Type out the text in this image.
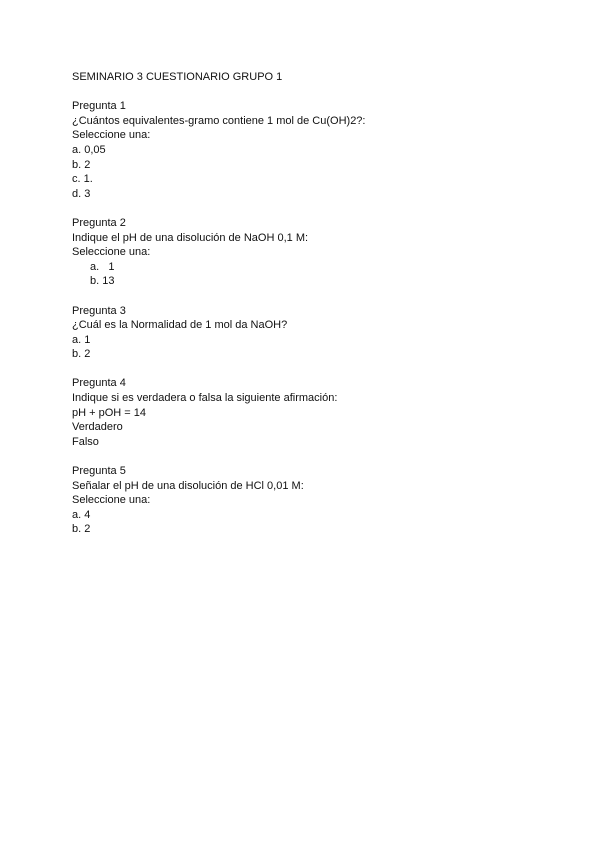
SEMINARIO 3 CUESTIONARIO GRUPO 1
Pregunta 1
¿Cuántos equivalentes-gramo contiene 1 mol de Cu(OH)2?:
Seleccione una:
a. 0,05
b. 2
c. 1.
d. 3
Pregunta 2
Indique el pH de una disolución de NaOH 0,1 M:
Seleccione una:
a.   1
b. 13
Pregunta 3
¿Cuál es la Normalidad de 1 mol da NaOH?
a. 1
b. 2
Pregunta 4
Indique si es verdadera o falsa la siguiente afirmación:
pH + pOH = 14
Verdadero
Falso
Pregunta 5
Señalar el pH de una disolución de HCl 0,01 M:
Seleccione una:
a. 4
b. 2
